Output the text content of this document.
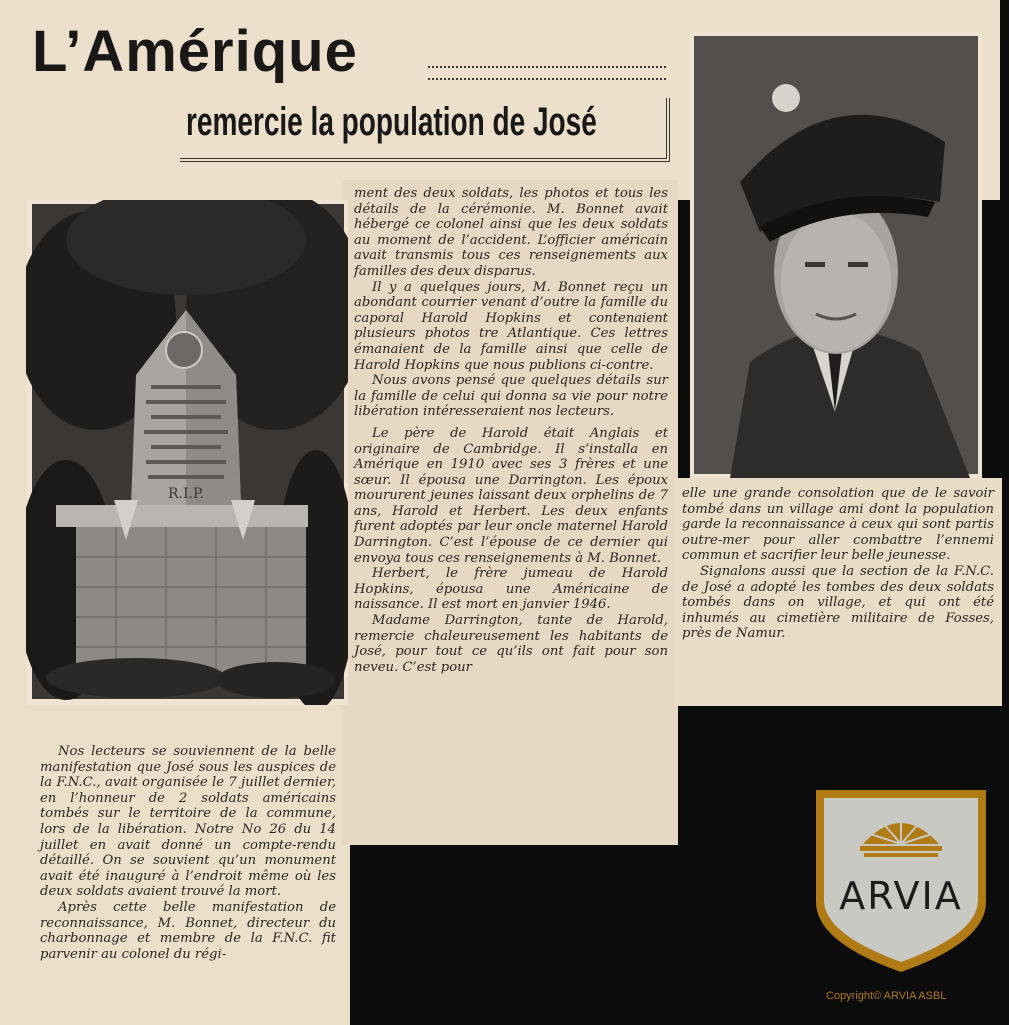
L’Amérique
remercie la population de José
R.I.P.

Nos lecteurs se souviennent de la belle manifestation que José sous les auspices de la F.N.C., avait organisée le 7 juillet dernier, en l’honneur de 2 soldats américains tombés sur le territoire de la commune, lors de la libération. Notre No 26 du 14 juillet en avait donné un compte-rendu détaillé. On se souvient qu’un monument avait été inauguré à l’endroit même où les deux soldats avaient trouvé la mort.

Après cette belle manifestation de reconnaissance, M. Bonnet, directeur du charbonnage et membre de la F.N.C. fit parvenir au colonel du régi-

ment des deux soldats, les photos et tous les détails de la cérémonie. M. Bonnet avait hébergé ce colonel ainsi que les deux soldats au moment de l’accident. L’officier américain avait transmis tous ces renseignements aux familles des deux disparus.

Il y a quelques jours, M. Bonnet reçu un abondant courrier venant d’outre la famille du caporal Harold Hopkins et contenaient plusieurs photos tre Atlantique. Ces lettres émanaient de la famille ainsi que celle de Harold Hopkins que nous publions ci-contre.

Nous avons pensé que quelques détails sur la famille de celui qui donna sa vie pour notre libération intéresseraient nos lecteurs.

Le père de Harold était Anglais et originaire de Cambridge. Il s’installa en Amérique en 1910 avec ses 3 frères et une sœur. Il épousa une Darrington. Les époux moururent jeunes laissant deux orphelins de 7 ans, Harold et Herbert. Les deux enfants furent adoptés par leur oncle maternel Harold Darrington. C’est l’épouse de ce dernier qui envoya tous ces renseignements à M. Bonnet.

Herbert, le frère jumeau de Harold Hopkins, épousa une Américaine de naissance. Il est mort en janvier 1946.

Madame Darrington, tante de Harold, remercie chaleureusement les habitants de José, pour tout ce qu’ils ont fait pour son neveu. C’est pour

elle une grande consolation que de le savoir tombé dans un village ami dont la population garde la reconnaissance à ceux qui sont partis outre-mer pour aller combattre l’ennemi commun et sacrifier leur belle jeunesse.

Signalons aussi que la section de la F.N.C. de José a adopté les tombes des deux soldats tombés dans on village, et qui ont été inhumés au cimetière militaire de Fosses, près de Namur.

ARVIA
Copyright© ARVIA ASBL
